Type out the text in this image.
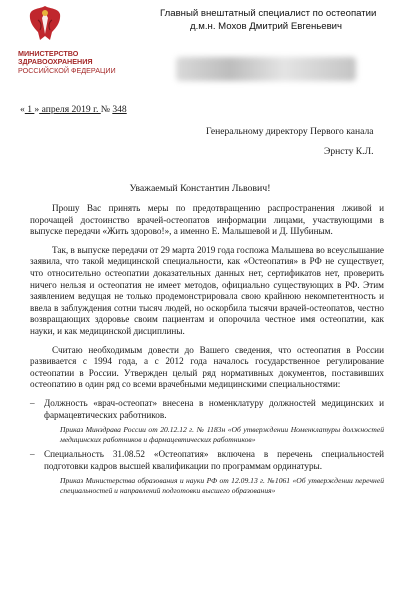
МИНИСТЕРСТВО
ЗДРАВООХРАНЕНИЯ
РОССИЙСКОЙ ФЕДЕРАЦИИ
Главный внештатный специалист по остеопатии
д.м.н. Мохов Дмитрий Евгеньевич
« 1 » апреля 2019 г. № 348
Генеральному директору Первого канала
Эрнсту К.Л.
Уважаемый Константин Львович!

Прошу Вас принять меры по предотвращению распространения лживой и порочащей достоинство врачей-остеопатов информации лицами, участвующими в выпуске передачи «Жить здорово!», а именно Е. Малышевой и Д. Шубиным.

Так, в выпуске передачи от 29 марта 2019 года госпожа Малышева во всеуслышание заявила, что такой медицинской специальности, как «Остеопатия» в РФ не существует, что относительно остеопатии доказательных данных нет, сертификатов нет, проверить ничего нельзя и остеопатия не имеет методов, официально существующих в РФ. Этим заявлением ведущая не только продемонстрировала свою крайнюю некомпетентность и ввела в заблуждения сотни тысяч людей, но оскорбила тысячи врачей-остеопатов, честно возвращающих здоровье своим пациентам и опорочила честное имя остеопатии, как науки, и как медицинской дисциплины.

Считаю необходимым довести до Вашего сведения, что остеопатия в России развивается с 1994 года, а с 2012 года началось государственное регулирование остеопатии в России. Утвержден целый ряд нормативных документов, поставивших остеопатию в один ряд со всеми врачебными медицинскими специальностями:

– Должность «врач-остеопат» внесена в номенклатуру должностей медицинских и фармацевтических работников.

Приказ Минздрава России от 20.12.12 г. № 1183н «Об утверждении Номенклатуры должностей медицинских работников и фармацевтических работников»

– Специальность 31.08.52 «Остеопатия» включена в перечень специальностей подготовки кадров высшей квалификации по программам ординатуры.

Приказ Министерства образования и науки РФ от 12.09.13 г. №1061 «Об утверждении перечней специальностей и направлений подготовки высшего образования»
